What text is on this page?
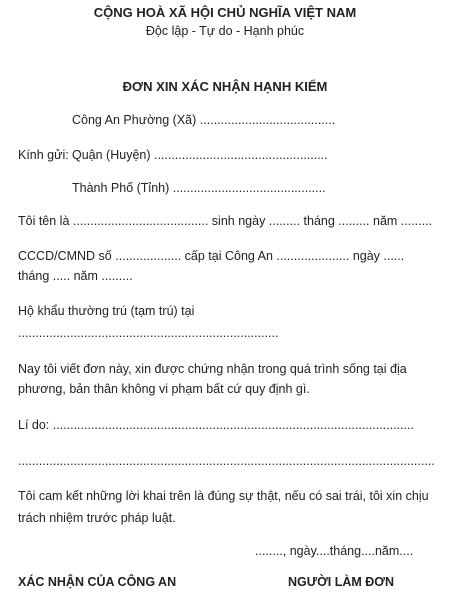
CỘNG HOÀ XÃ HỘI CHỦ NGHĨA VIỆT NAM
Độc lập - Tự do - Hạnh phúc
ĐƠN XIN XÁC NHẬN HẠNH KIỂM
Công An Phường (Xã) .......................................
Kính gửi: Quận (Huyện) ..................................................
Thành Phố (Tỉnh) ............................................
Tôi tên là ....................................... sinh ngày ......... tháng ......... năm .........
CCCD/CMND số ................... cấp tại Công An ..................... ngày ......
tháng ..... năm .........
Hộ khẩu thường trú (tạm trú) tại
...........................................................................
Nay tôi viết đơn này, xin được chứng nhận trong quá trình sống tại địa
phương, bản thân không vi phạm bất cứ quy định gì.
Lí do: ........................................................................................................
........................................................................................................................
Tôi cam kết những lời khai trên là đúng sự thật, nếu có sai trái, tôi xin chịu
trách nhiệm trước pháp luật.
........, ngày....tháng....năm....
XÁC NHẬN CỦA CÔNG AN	NGƯỜI LÀM ĐƠN
